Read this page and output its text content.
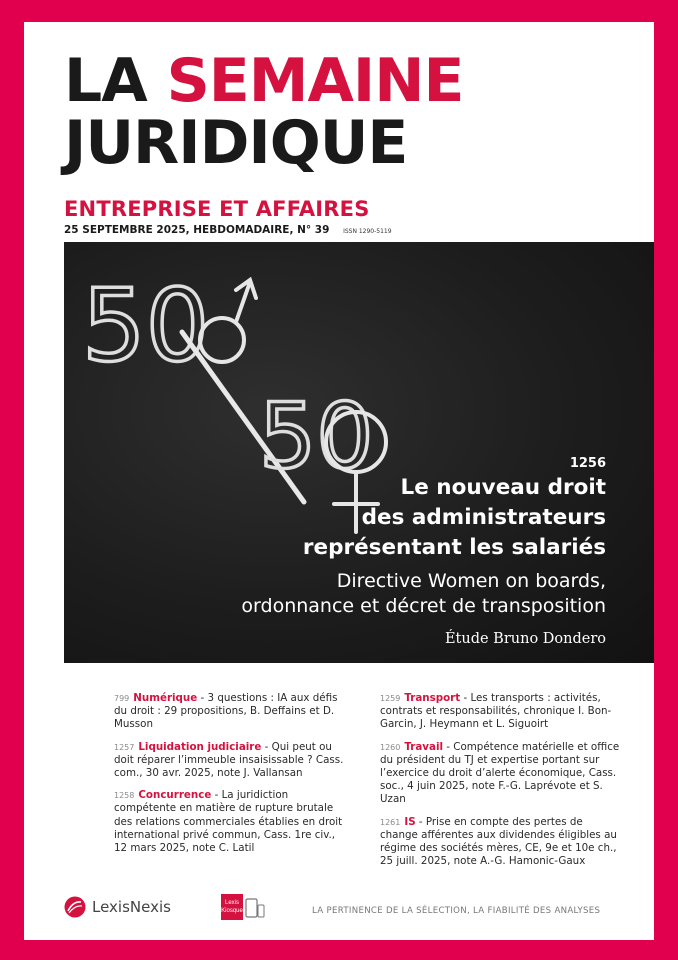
LA SEMAINE
JURIDIQUE
ENTREPRISE ET AFFAIRES
25 SEPTEMBRE 2025, HEBDOMADAIRE, N° 39 ISSN 1290-5119
50
50	1256
Le nouveau droit
des administrateurs
représentant les salariés
Directive Women on boards,
ordonnance et décret de transposition
Étude Bruno Dondero
799 Numérique - 3 questions : IA aux défis du droit : 29 propositions, B. Deffains et D. Musson
1257 Liquidation judiciaire - Qui peut ou doit réparer l’immeuble insaisissable ? Cass. com., 30 avr. 2025, note J. Vallansan
1258 Concurrence - La juridiction compétente en matière de rupture brutale des relations commerciales établies en droit international privé commun, Cass. 1re civ., 12 mars 2025, note C. Latil
1259 Transport - Les transports : activités, contrats et responsabilités, chronique I. Bon-Garcin, J. Heymann et L. Siguoirt
1260 Travail - Compétence matérielle et office du président du TJ et expertise portant sur l’exercice du droit d’alerte économique, Cass. soc., 4 juin 2025, note F.-G. Laprévote et S. Uzan
1261 IS - Prise en compte des pertes de change afférentes aux dividendes éligibles au régime des sociétés mères, CE, 9e et 10e ch., 25 juill. 2025, note A.-G. Hamonic-Gaux
LexisNexis	Lexis
Kiosque	LA PERTINENCE DE LA SÉLECTION, LA FIABILITÉ DES ANALYSES
